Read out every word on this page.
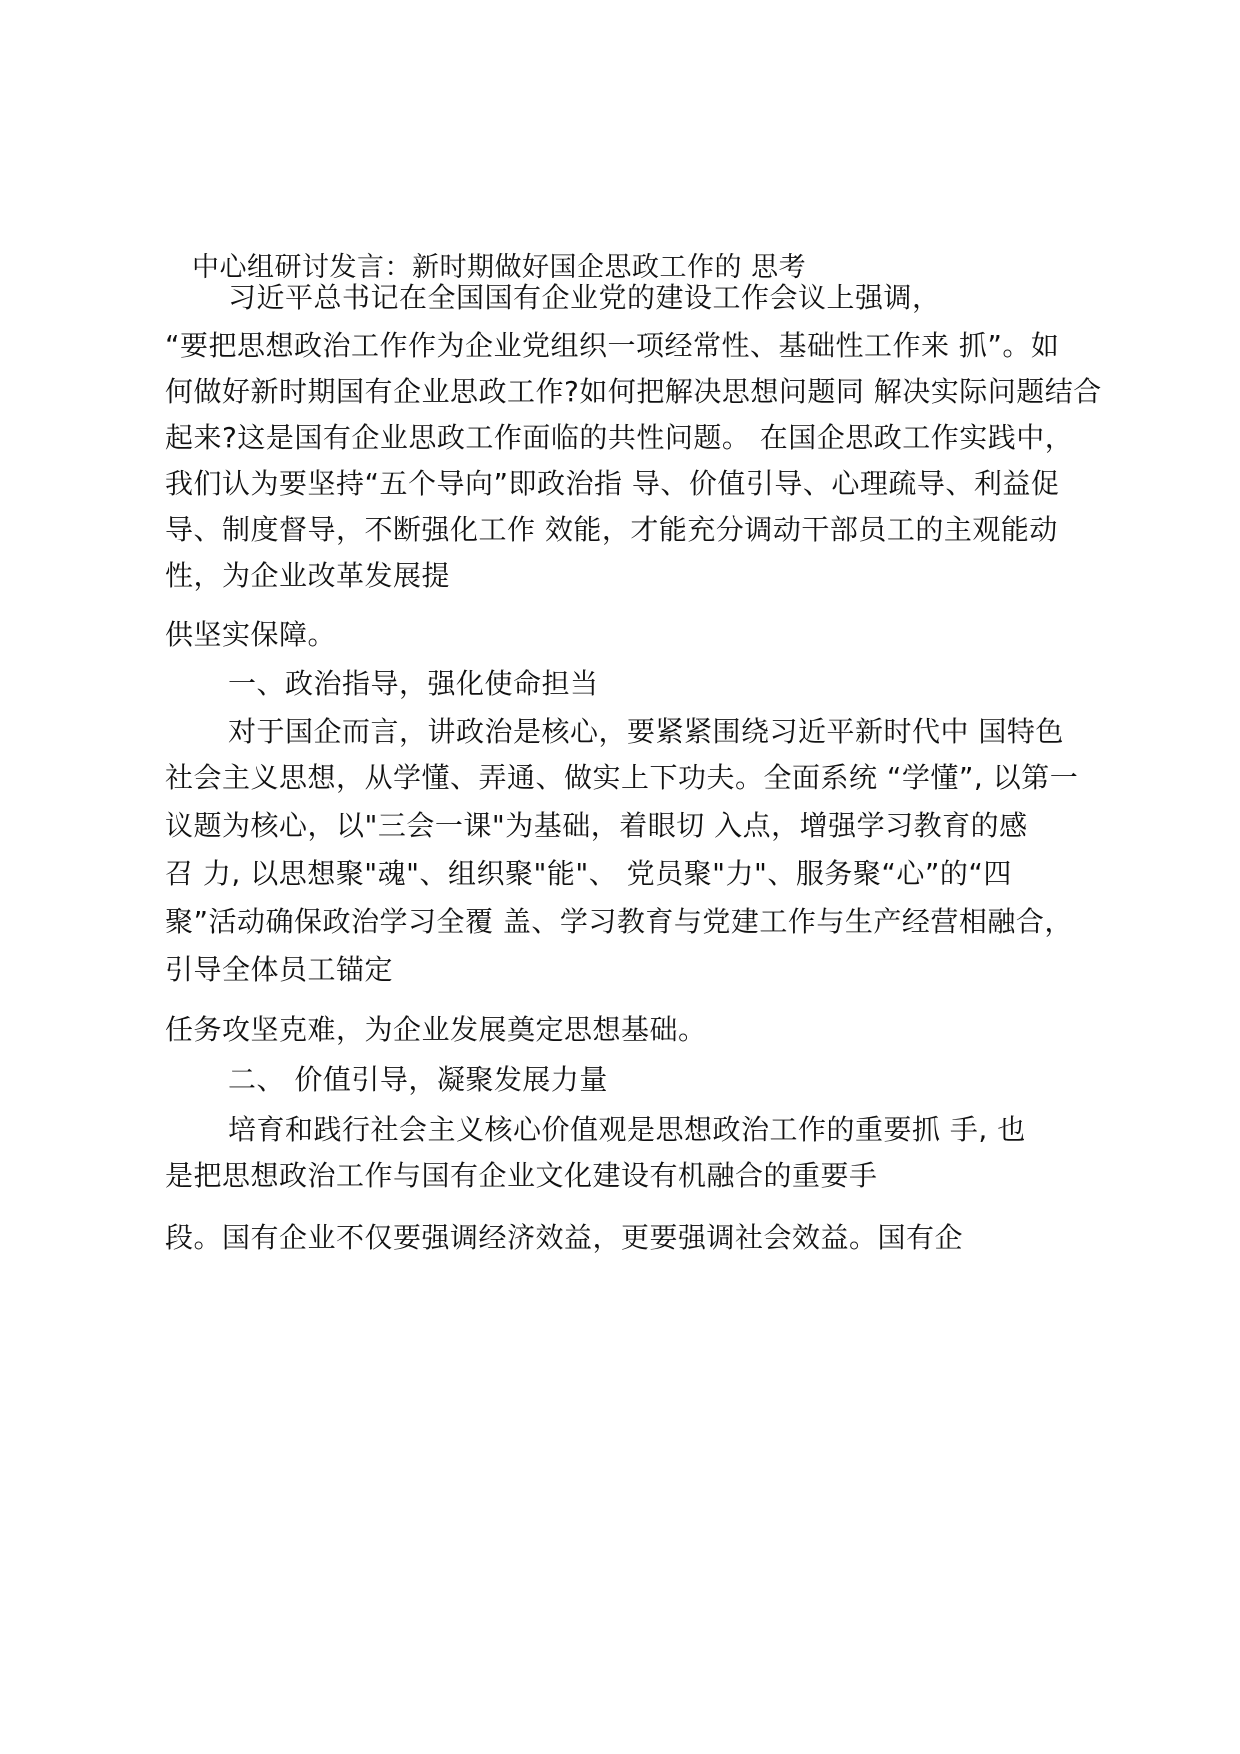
中心组研讨发言：新时期做好国企思政工作的 思考
习近平总书记在全国国有企业党的建设工作会议上强调，
“要把思想政治工作作为企业党组织一项经常性、基础性工作来 抓”。如
何做好新时期国有企业思政工作?如何把解决思想问题同 解决实际问题结合
起来?这是国有企业思政工作面临的共性问题。 在国企思政工作实践中，
我们认为要坚持“五个导向”即政治指 导、价值引导、心理疏导、利益促
导、制度督导，不断强化工作 效能，才能充分调动干部员工的主观能动
性，为企业改革发展提
供坚实保障。
一、政治指导，强化使命担当
对于国企而言，讲政治是核心，要紧紧围绕习近平新时代中 国特色
社会主义思想，从学懂、弄通、做实上下功夫。全面系统 “学懂”, 以第一
议题为核心，以"三会一课"为基础，着眼切 入点，增强学习教育的感
召 力, 以思想聚"魂"、组织聚"能"、 党员聚"力"、服务聚“心”的“四
聚”活动确保政治学习全覆 盖、学习教育与党建工作与生产经营相融合，
引导全体员工锚定
任务攻坚克难，为企业发展奠定思想基础。
二、 价值引导，凝聚发展力量
培育和践行社会主义核心价值观是思想政治工作的重要抓 手, 也
是把思想政治工作与国有企业文化建设有机融合的重要手
段。国有企业不仅要强调经济效益，更要强调社会效益。国有企
